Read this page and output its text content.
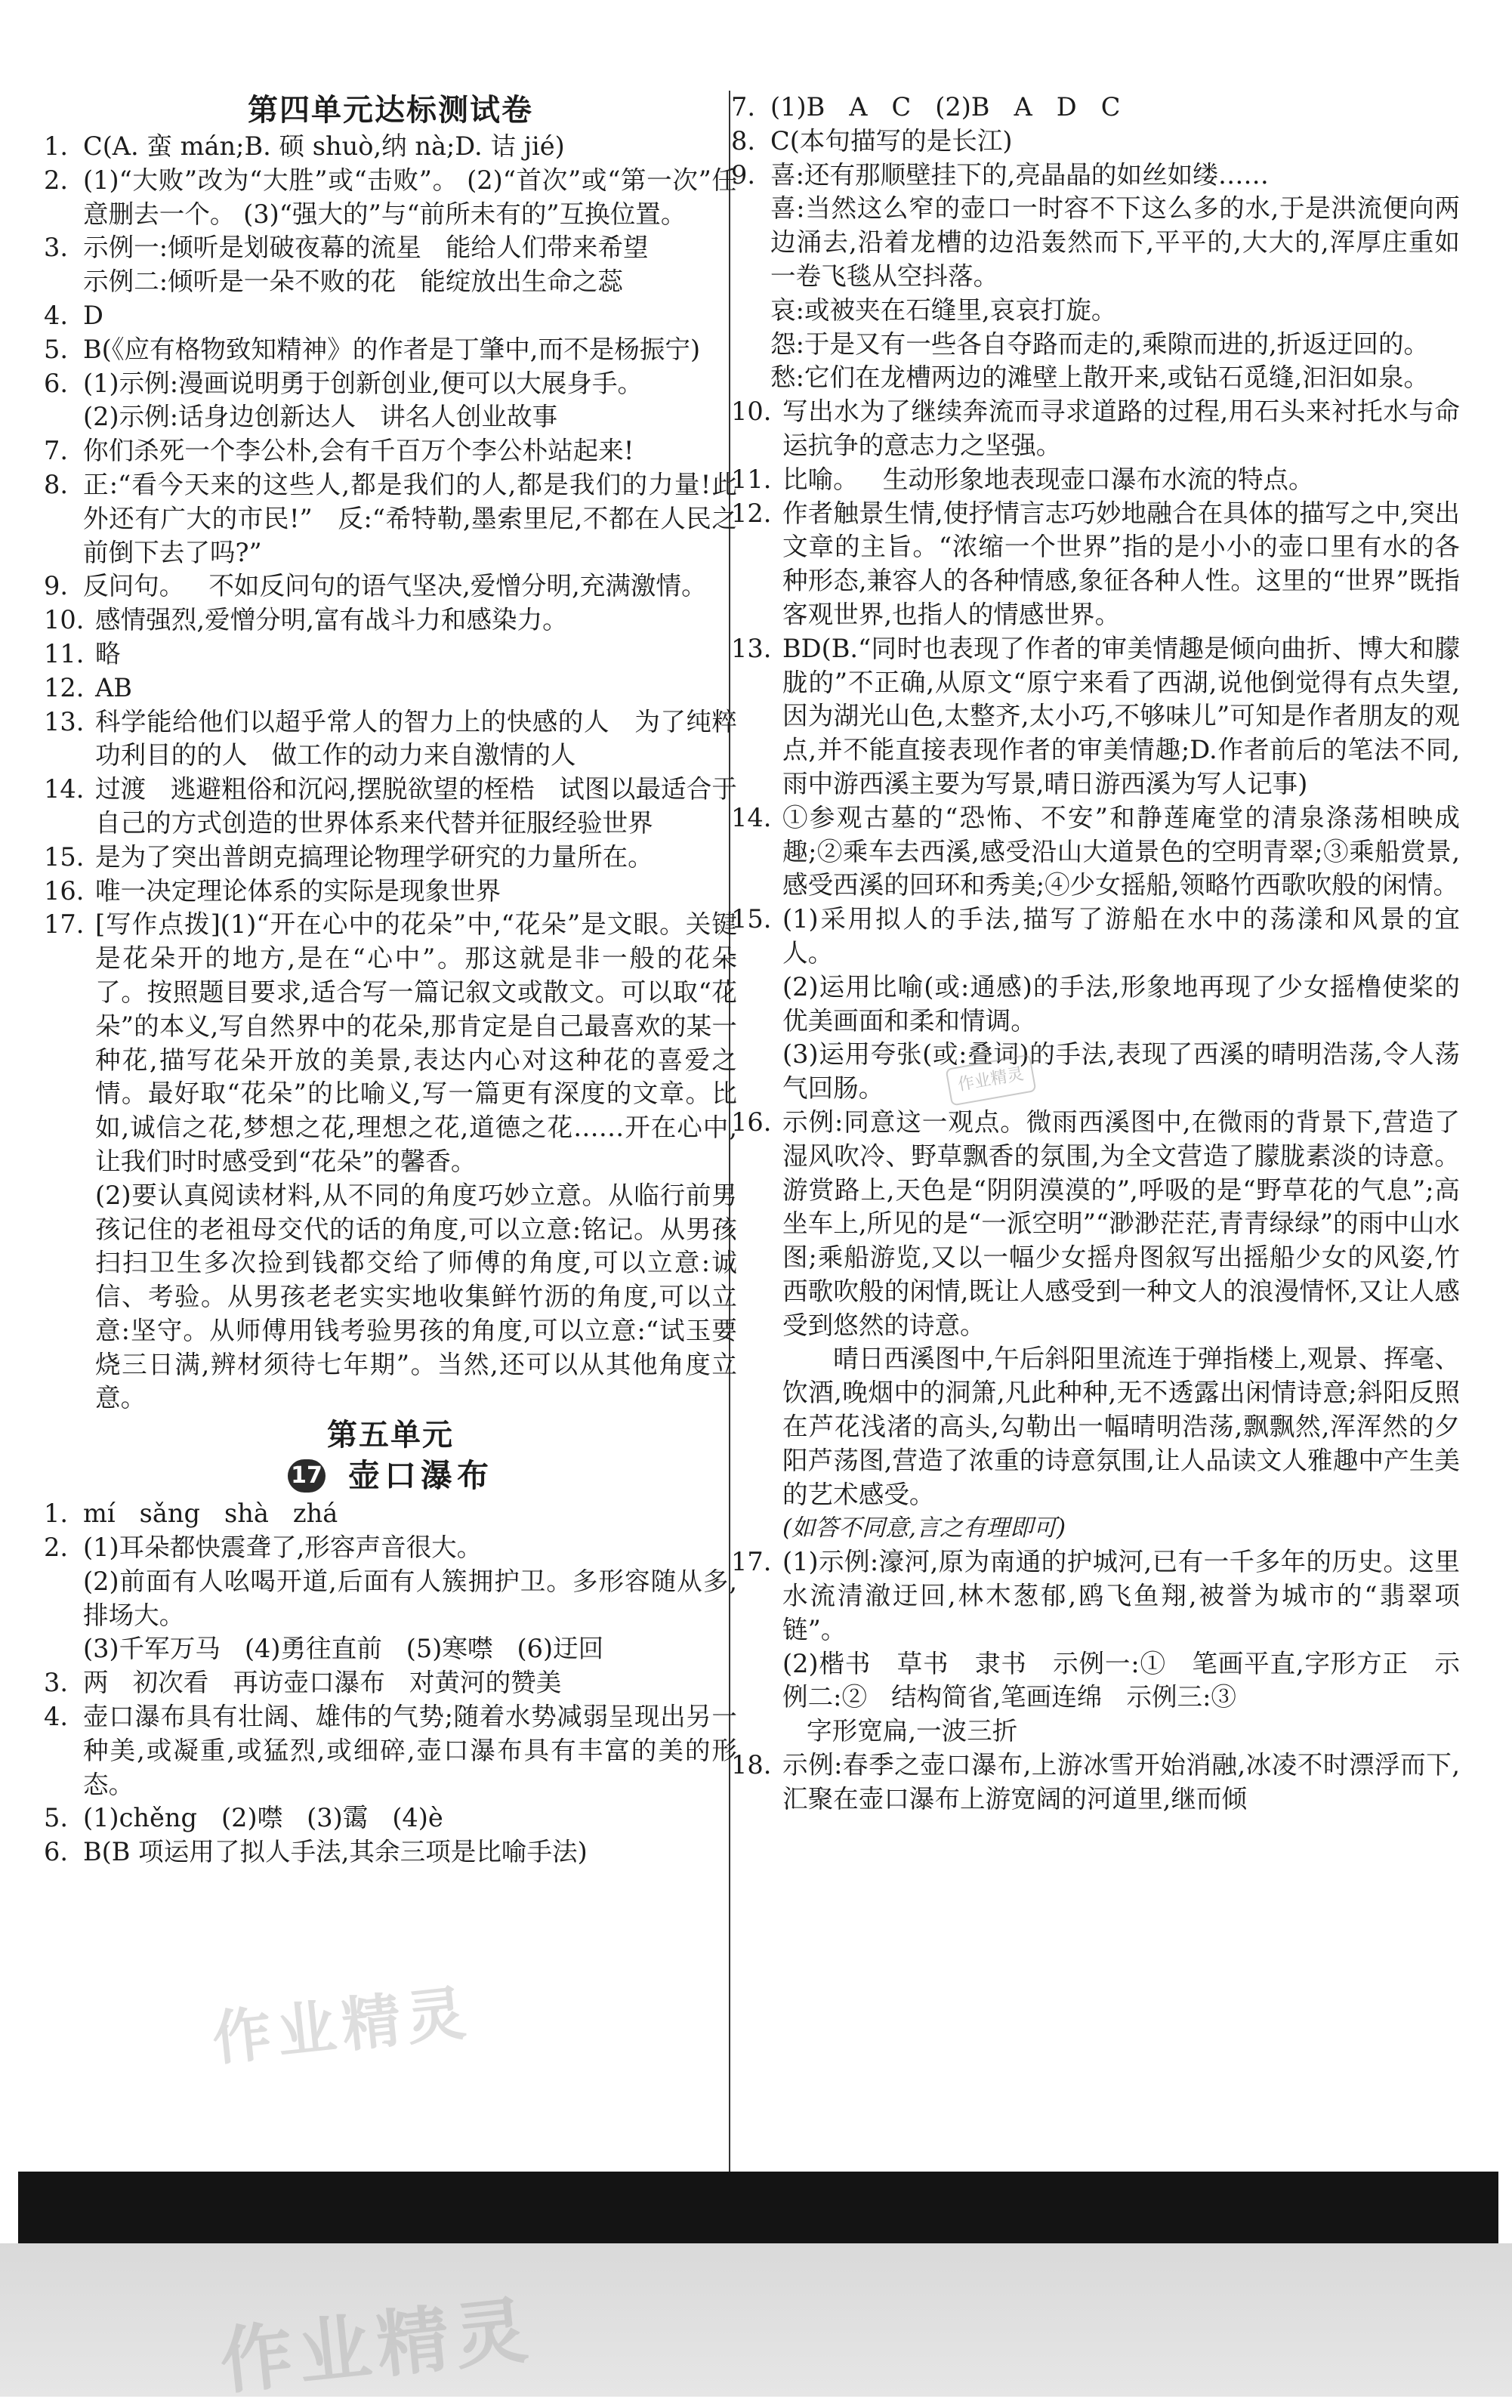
第四单元达标测试卷
1. C(A. 蛮 mán;B. 硕 shuò,纳 nà;D. 诘 jié)
2. (1)“大败”改为“大胜”或“击败”。 (2)“首次”或“第一次”任意删去一个。 (3)“强大的”与“前所未有的”互换位置。
3. 示例一:倾听是划破夜幕的流星   能给人们带来希望
示例二:倾听是一朵不败的花   能绽放出生命之蕊
4. D
5. B(《应有格物致知精神》的作者是丁肇中,而不是杨振宁)
6. (1)示例:漫画说明勇于创新创业,便可以大展身手。
(2)示例:话身边创新达人   讲名人创业故事
7. 你们杀死一个李公朴,会有千百万个李公朴站起来!
8. 正:“看今天来的这些人,都是我们的人,都是我们的力量!此外还有广大的市民!”   反:“希特勒,墨索里尼,不都在人民之前倒下去了吗?”
9. 反问句。   不如反问句的语气坚决,爱憎分明,充满激情。
10. 感情强烈,爱憎分明,富有战斗力和感染力。
11. 略
12. AB
13. 科学能给他们以超乎常人的智力上的快感的人   为了纯粹功利目的的人   做工作的动力来自激情的人
14. 过渡   逃避粗俗和沉闷,摆脱欲望的桎梏   试图以最适合于自己的方式创造的世界体系来代替并征服经验世界
15. 是为了突出普朗克搞理论物理学研究的力量所在。
16. 唯一决定理论体系的实际是现象世界
17. [写作点拨](1)“开在心中的花朵”中,“花朵”是文眼。关键是花朵开的地方,是在“心中”。那这就是非一般的花朵了。按照题目要求,适合写一篇记叙文或散文。可以取“花朵”的本义,写自然界中的花朵,那肯定是自己最喜欢的某一种花,描写花朵开放的美景,表达内心对这种花的喜爱之情。最好取“花朵”的比喻义,写一篇更有深度的文章。比如,诚信之花,梦想之花,理想之花,道德之花……开在心中,让我们时时感受到“花朵”的馨香。
(2)要认真阅读材料,从不同的角度巧妙立意。从临行前男孩记住的老祖母交代的话的角度,可以立意:铭记。从男孩扫扫卫生多次捡到钱都交给了师傅的角度,可以立意:诚信、考验。从男孩老老实实地收集鲜竹沥的角度,可以立意:坚守。从师傅用钱考验男孩的角度,可以立意:“试玉要烧三日满,辨材须待七年期”。当然,还可以从其他角度立意。
第五单元
17 壶口瀑布
1. mí   sǎng   shà   zhá
2. (1)耳朵都快震聋了,形容声音很大。
(2)前面有人吆喝开道,后面有人簇拥护卫。多形容随从多,排场大。
(3)千军万马   (4)勇往直前   (5)寒噤   (6)迂回
3. 两   初次看   再访壶口瀑布   对黄河的赞美
4. 壶口瀑布具有壮阔、雄伟的气势;随着水势减弱呈现出另一种美,或凝重,或猛烈,或细碎,壶口瀑布具有丰富的美的形态。
5. (1)chěng   (2)噤   (3)霭   (4)è
6. B(B 项运用了拟人手法,其余三项是比喻手法)
7. (1)B   A   C   (2)B   A   D   C
8. C(本句描写的是长江)
9. 喜:还有那顺壁挂下的,亮晶晶的如丝如缕……
喜:当然这么窄的壶口一时容不下这么多的水,于是洪流便向两边涌去,沿着龙槽的边沿轰然而下,平平的,大大的,浑厚庄重如一卷飞毯从空抖落。
哀:或被夹在石缝里,哀哀打旋。
怨:于是又有一些各自夺路而走的,乘隙而进的,折返迂回的。
愁:它们在龙槽两边的滩壁上散开来,或钻石觅缝,汩汩如泉。
10. 写出水为了继续奔流而寻求道路的过程,用石头来衬托水与命运抗争的意志力之坚强。
11. 比喻。   生动形象地表现壶口瀑布水流的特点。
12. 作者触景生情,使抒情言志巧妙地融合在具体的描写之中,突出文章的主旨。“浓缩一个世界”指的是小小的壶口里有水的各种形态,兼容人的各种情感,象征各种人性。这里的“世界”既指客观世界,也指人的情感世界。
13. BD(B.“同时也表现了作者的审美情趣是倾向曲折、博大和朦胧的”不正确,从原文“原宁来看了西湖,说他倒觉得有点失望,因为湖光山色,太整齐,太小巧,不够味儿”可知是作者朋友的观点,并不能直接表现作者的审美情趣;D.作者前后的笔法不同,雨中游西溪主要为写景,晴日游西溪为写人记事)
14. ①参观古墓的“恐怖、不安”和静莲庵堂的清泉涤荡相映成趣;②乘车去西溪,感受沿山大道景色的空明青翠;③乘船赏景,感受西溪的回环和秀美;④少女摇船,领略竹西歌吹般的闲情。
15. (1)采用拟人的手法,描写了游船在水中的荡漾和风景的宜人。
(2)运用比喻(或:通感)的手法,形象地再现了少女摇橹使桨的优美画面和柔和情调。
(3)运用夸张(或:叠词)的手法,表现了西溪的晴明浩荡,令人荡气回肠。
16. 示例:同意这一观点。微雨西溪图中,在微雨的背景下,营造了湿风吹冷、野草飘香的氛围,为全文营造了朦胧素淡的诗意。游赏路上,天色是“阴阴漠漠的”,呼吸的是“野草花的气息”;高坐车上,所见的是“一派空明”“渺渺茫茫,青青绿绿”的雨中山水图;乘船游览,又以一幅少女摇舟图叙写出摇船少女的风姿,竹西歌吹般的闲情,既让人感受到一种文人的浪漫情怀,又让人感受到悠然的诗意。
晴日西溪图中,午后斜阳里流连于弹指楼上,观景、挥毫、饮酒,晚烟中的洞箫,凡此种种,无不透露出闲情诗意;斜阳反照在芦花浅渚的高头,勾勒出一幅晴明浩荡,飘飘然,浑浑然的夕阳芦荡图,营造了浓重的诗意氛围,让人品读文人雅趣中产生美的艺术感受。
(如答不同意,言之有理即可)
17. (1)示例:濠河,原为南通的护城河,已有一千多年的历史。这里水流清澈迂回,林木葱郁,鸥飞鱼翔,被誉为城市的“翡翠项链”。
(2)楷书   草书   隶书   示例一:①   笔画平直,字形方正   示例二:②   结构简省,笔画连绵   示例三:③
字形宽扁,一波三折
18. 示例:春季之壶口瀑布,上游冰雪开始消融,冰凌不时漂浮而下,汇聚在壶口瀑布上游宽阔的河道里,继而倾
作业精灵
作业精灵
作业精灵
